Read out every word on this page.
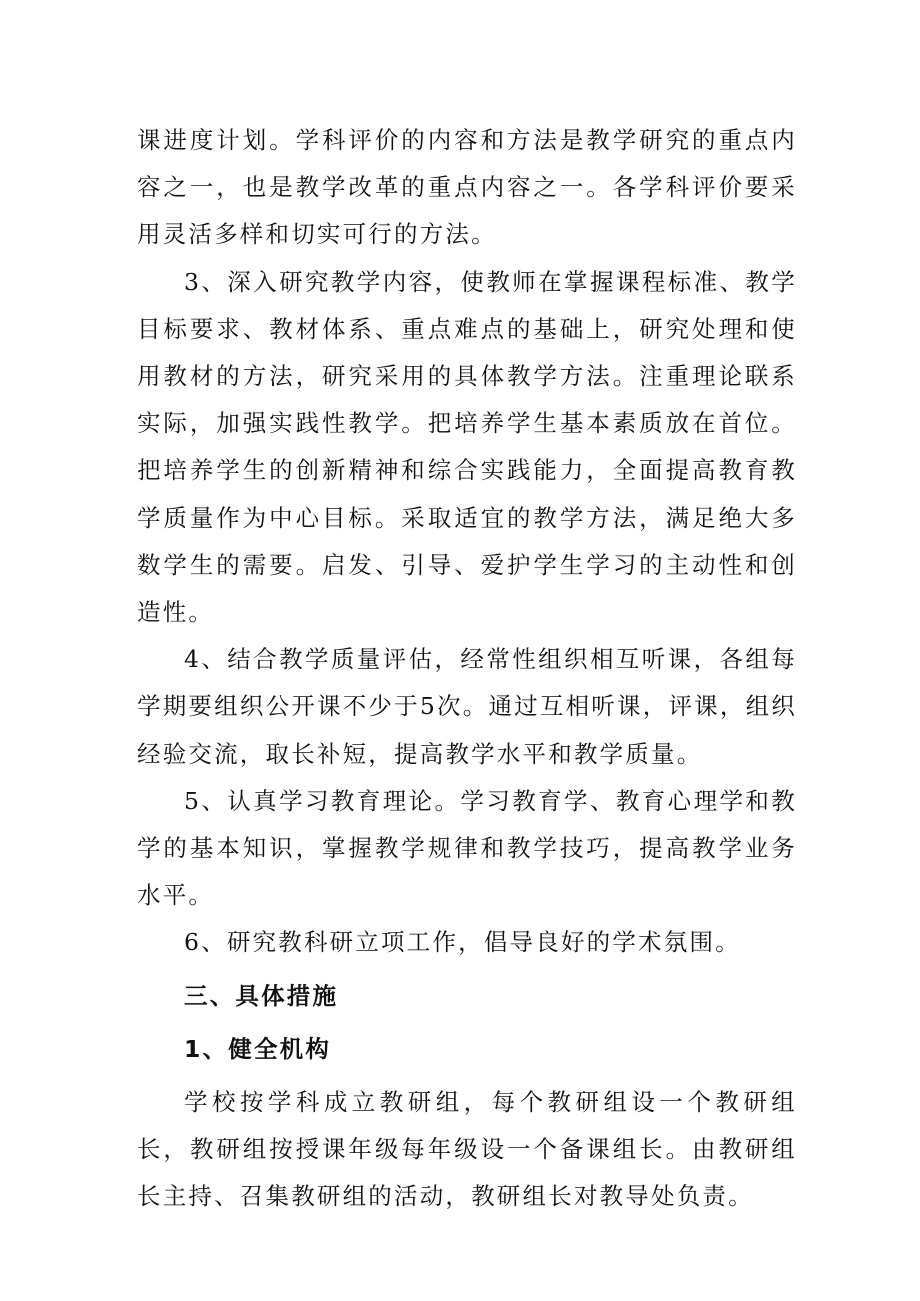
课进度计划。学科评价的内容和方法是教学研究的重点内容之一，也是教学改革的重点内容之一。各学科评价要采用灵活多样和切实可行的方法。

3、深入研究教学内容，使教师在掌握课程标准、教学目标要求、教材体系、重点难点的基础上，研究处理和使用教材的方法，研究采用的具体教学方法。注重理论联系实际，加强实践性教学。把培养学生基本素质放在首位。把培养学生的创新精神和综合实践能力，全面提高教育教学质量作为中心目标。采取适宜的教学方法，满足绝大多数学生的需要。启发、引导、爱护学生学习的主动性和创造性。

4、结合教学质量评估，经常性组织相互听课，各组每学期要组织公开课不少于5次。通过互相听课，评课，组织经验交流，取长补短，提高教学水平和教学质量。

5、认真学习教育理论。学习教育学、教育心理学和教学的基本知识，掌握教学规律和教学技巧，提高教学业务水平。

6、研究教科研立项工作，倡导良好的学术氛围。

三、具体措施

1、健全机构

学校按学科成立教研组，每个教研组设一个教研组长，教研组按授课年级每年级设一个备课组长。由教研组长主持、召集教研组的活动，教研组长对教导处负责。
